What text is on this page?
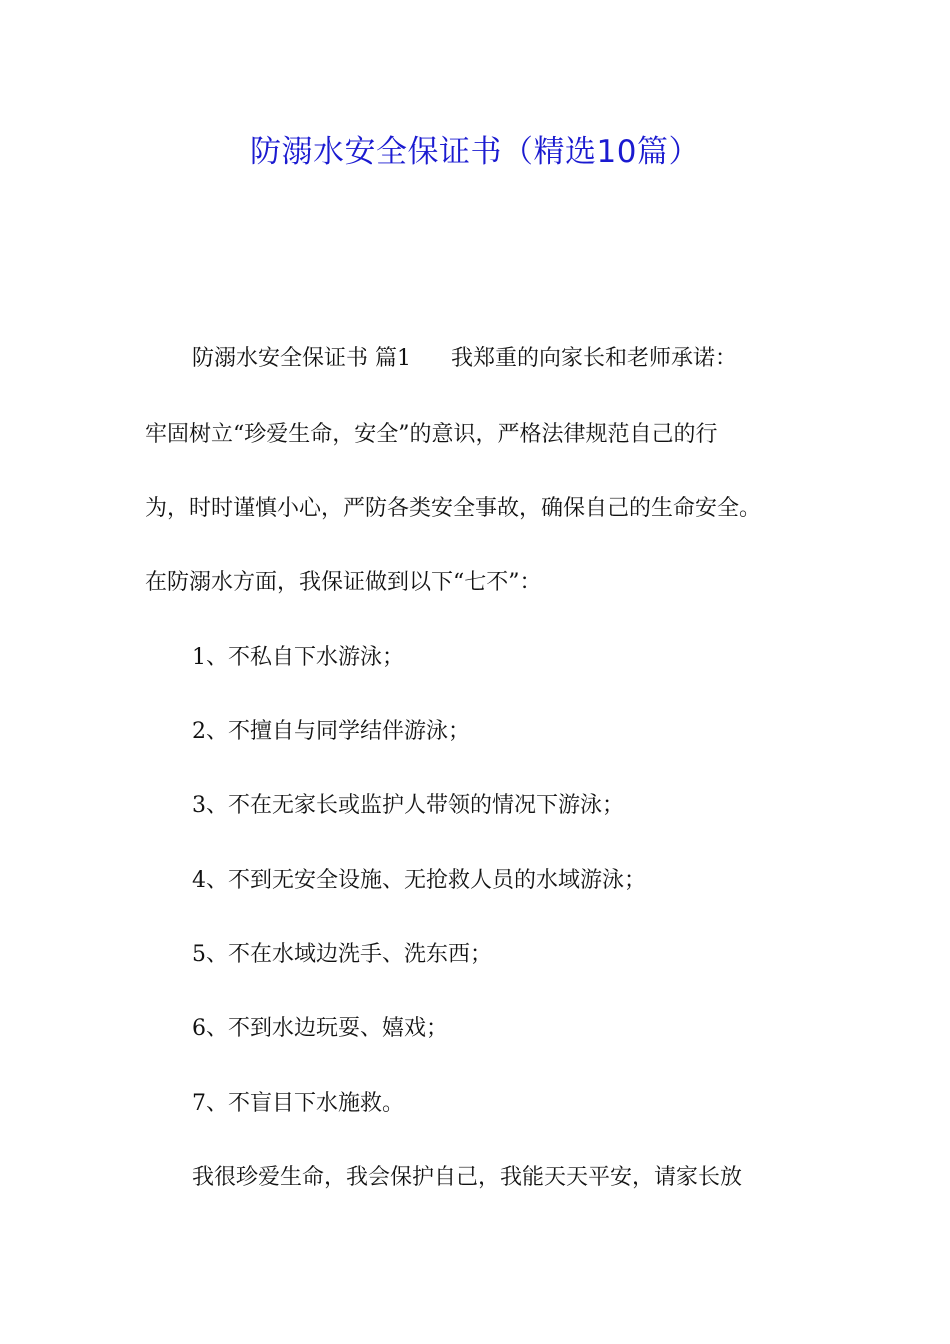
防溺水安全保证书（精选10篇）
防溺水安全保证书 篇1 我郑重的向家长和老师承诺：
牢固树立“珍爱生命，安全”的意识，严格法律规范自己的行
为，时时谨慎小心，严防各类安全事故，确保自己的生命安全。
在防溺水方面，我保证做到以下“七不”：
1、不私自下水游泳；
2、不擅自与同学结伴游泳；
3、不在无家长或监护人带领的情况下游泳；
4、不到无安全设施、无抢救人员的水域游泳；
5、不在水域边洗手、洗东西；
6、不到水边玩耍、嬉戏；
7、不盲目下水施救。
我很珍爱生命，我会保护自己，我能天天平安，请家长放
